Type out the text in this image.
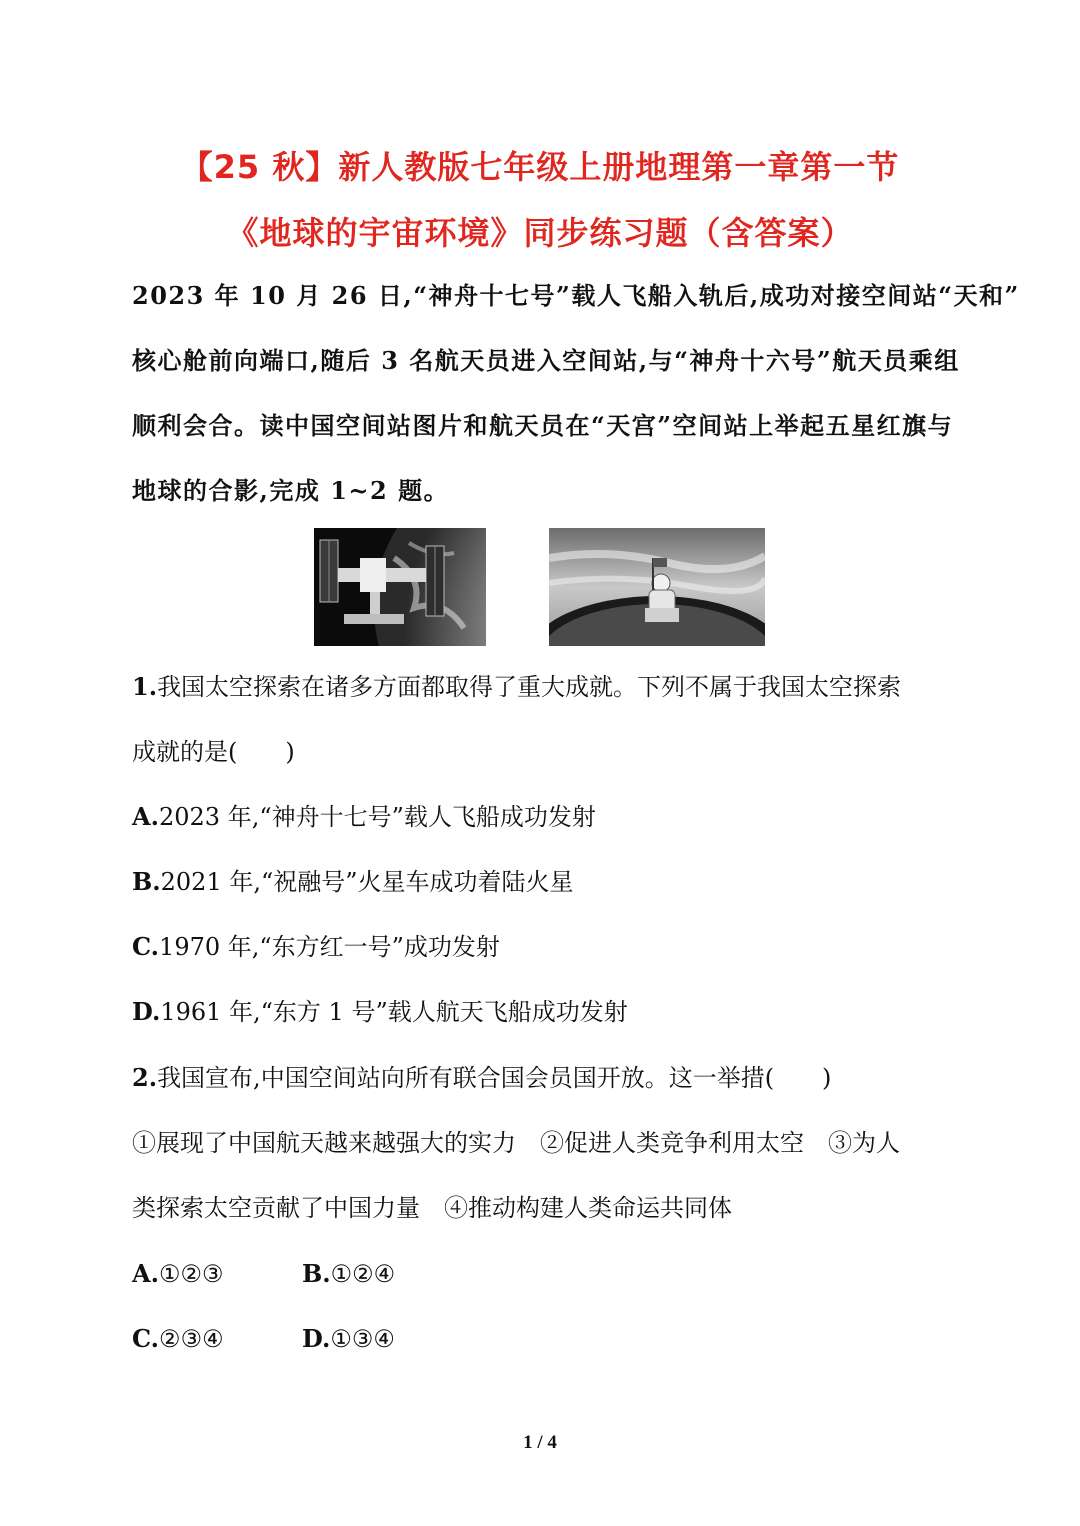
【25 秋】新人教版七年级上册地理第一章第一节
《地球的宇宙环境》同步练习题（含答案）
2023 年 10 月 26 日,“神舟十七号”载人飞船入轨后,成功对接空间站“天和”
核心舱前向端口,随后 3 名航天员进入空间站,与“神舟十六号”航天员乘组
顺利会合。读中国空间站图片和航天员在“天宫”空间站上举起五星红旗与
地球的合影,完成 1~2 题。
1.我国太空探索在诸多方面都取得了重大成就。下列不属于我国太空探索
成就的是(　　)
A.2023 年,“神舟十七号”载人飞船成功发射
B.2021 年,“祝融号”火星车成功着陆火星
C.1970 年,“东方红一号”成功发射
D.1961 年,“东方 1 号”载人航天飞船成功发射
2.我国宣布,中国空间站向所有联合国会员国开放。这一举措(　　)
①展现了中国航天越来越强大的实力　②促进人类竞争利用太空　③为人
类探索太空贡献了中国力量　④推动构建人类命运共同体
A.①②③	B.①②④
C.②③④	D.①③④
1 / 4
